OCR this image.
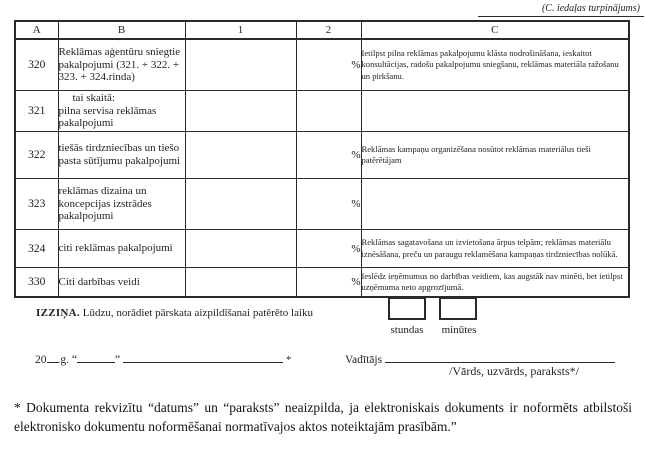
(C. iedaļas turpinājums)
A	B	1	2	C
320	Reklāmas aģentūru sniegtie pakalpojumi (321. + 322. + 323. + 324.rinda)		%	Ietilpst pilna reklāmas pakalpojumu klāsta nodrošināšana, ieskaitot konsultācijas, radošu pakalpojumu sniegšanu, reklāmas materiāla ražošanu un pirkšanu.
321	tai skaitā:
pilna servisa reklāmas pakalpojumi			

322	tiešās tirdzniecības un tiešo pasta sūtījumu pakalpojumi		%	Reklāmas kampaņu organizēšana nosūtot reklāmas materiālus tieši patērētājam
323	reklāmas dizaina un koncepcijas izstrādes pakalpojumi		%	
324	citi reklāmas pakalpojumi		%	Reklāmas sagatavošana un izvietošana ārpus telpām; reklāmas materiālu iznēsāšana, preču un paraugu reklamēšana kampaņas tirdzniecības nolūkā.
330	Citi darbības veidi		%	Ieslēdz ieņēmumus no darbības veidiem, kas augstāk nav minēti, bet ietilpst uzņēmuma neto apgrozījumā.
IZZIŅA. Lūdzu, norādiet pārskata aizpildīšanai patērēto laiku
stundas	minūtes
20 .g. “	”	*	Vadītājs
/Vārds, uzvārds, paraksts*/
* Dokumenta rekvizītu “datums” un “paraksts” neaizpilda, ja elektroniskais dokuments ir noformēts atbilstoši elektronisko dokumentu noformēšanai normatīvajos aktos noteiktajām prasībām.”
